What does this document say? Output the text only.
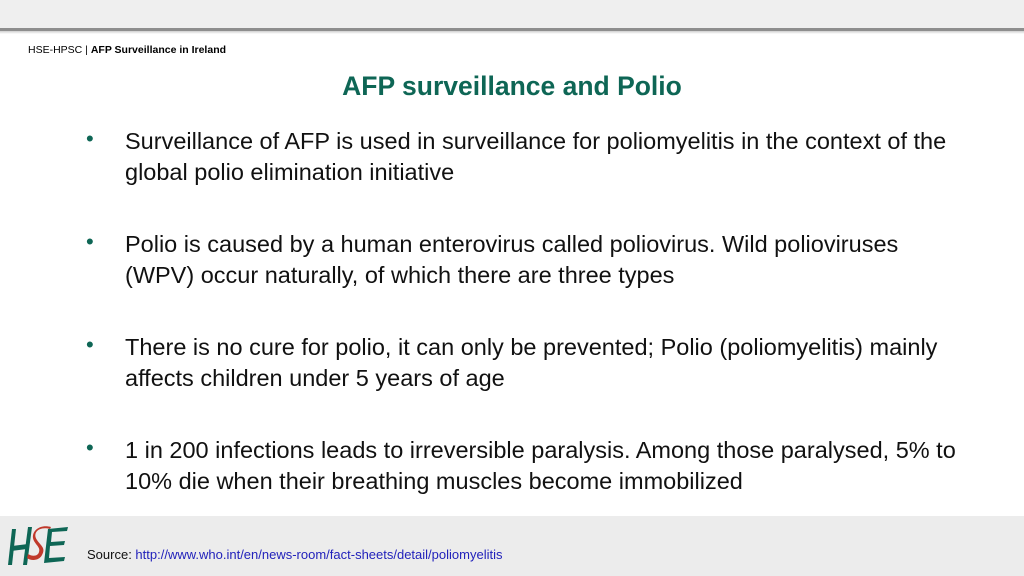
HSE-HPSC | AFP Surveillance in Ireland
AFP surveillance and Polio
• Surveillance of AFP is used in surveillance for poliomyelitis in the context of the global polio elimination initiative
• Polio is caused by a human enterovirus called poliovirus. Wild polioviruses (WPV) occur naturally, of which there are three types
• There is no cure for polio, it can only be prevented; Polio (poliomyelitis) mainly affects children under 5 years of age
• 1 in 200 infections leads to irreversible paralysis. Among those paralysed, 5% to 10% die when their breathing muscles become immobilized
Source: http://www.who.int/en/news-room/fact-sheets/detail/poliomyelitis
